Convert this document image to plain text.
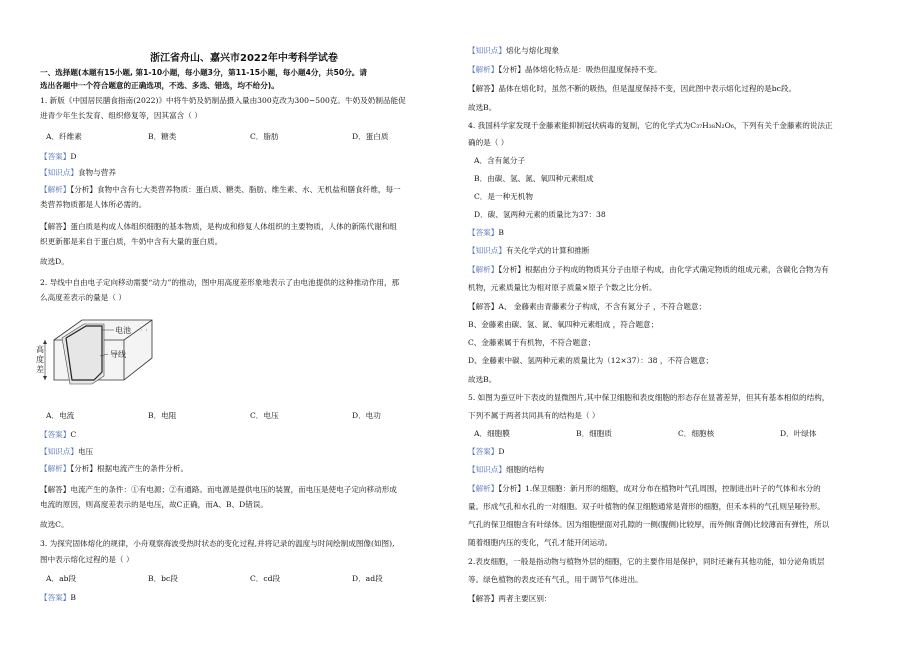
浙江省舟山、嘉兴市2022年中考科学试卷
一、选择题(本题有15小题, 第1-10小题，每小题3分，第11-15小题，每小题4分，共50分。请
选出各题中一个符合题意的正确选项，不选、多选、错选，均不给分)。
1. 新版《中国居民膳食指南(2022)》中将牛奶及奶制品摄入量由300克改为300~500克。牛奶及奶制品能促
进青少年生长发育、组织修复等，因其富含（ ）
A．纤维素	B．糖类	C．脂肪	D．蛋白质
【答案】D
【知识点】食物与营养
【解析】【分析】食物中含有七大类营养物质：蛋白质、糖类、脂肪、维生素、水、无机盐和膳食纤维，每一
类营养物质都是人体所必需的。
【解答】蛋白质是构成人体组织细胞的基本物质，是构成和修复人体组织的主要物质，人体的新陈代谢和组
织更新都是来自于蛋白质，牛奶中含有大量的蛋白质。
故选D。
2. 导线中自由电子定向移动需要“动力”的推动，图中用高度差形象地表示了由电池提供的这种推动作用，那
么高度差表示的量是（ ）
电池 · ·
导线
高
度
差
A．电流	B．电阻	C．电压	D．电功
【答案】C
【知识点】电压
【解析】【分析】根据电流产生的条件分析。
【解答】电流产生的条件：①有电源；②有通路。而电源是提供电压的装置，而电压是使电子定向移动形成
电流的原因，则高度差表示的是电压，故C正确，而A、B、D错误。
故选C。
3. 为探究固体熔化的规律，小舟观察海波受热时状态的变化过程,并将记录的温度与时间绘制成图像(如图),
图中表示熔化过程的是（ ）
A．ab段	B．bc段	C．cd段	D．ad段
【答案】B
【知识点】熔化与熔化现象
【解析】【分析】晶体熔化特点是：吸热但温度保持不变。
【解答】晶体在熔化时，虽然不断的吸热，但是温度保持不变，因此图中表示熔化过程的是bc段。
故选B。
4. 我国科学家发现千金藤素能抑制冠状病毒的复制，它的化学式为C₃₇H₃₈N₂O₆，下列有关千金藤素的说法正
确的是（ ）
A．含有氮分子
B．由碳、氢、氮、氧四种元素组成
C．是一种无机物
D．碳、氢两种元素的质量比为37：38
【答案】B
【知识点】有关化学式的计算和推断
【解析】【分析】根据由分子构成的物质其分子由原子构成，由化学式确定物质的组成元素，含碳化合物为有
机物，元素质量比为相对原子质量×原子个数之比分析。
【解答】A、 金藤素由青藤素分子构成，不含有氮分子 ，不符合题意；
B、金藤素由碳、氢、氮、氧四种元素组成 ，符合题意；
C、金藤素属于有机物，不符合题意；
D、金藤素中碳、氢两种元素的质量比为（12×37）：38 ，不符合题意；
故选B。
5. 如图为蚕豆叶下表皮的显微图片,其中保卫细胞和表皮细胞的形态存在显著差异，但其有基本相似的结构，
下列不属于两者共同具有的结构是（ ）
A．细胞膜	B．细胞质	C．细胞核	D．叶绿体
【答案】D
【知识点】细胞的结构
【解析】【分析】1.保卫细胞：新月形的细胞，成对分布在植物叶气孔周围，控制进出叶子的气体和水分的
量。形成气孔和水孔的一对细胞。双子叶植物的保卫细胞通常是肾形的细胞，但禾本科的气孔则呈哑铃形。
气孔的保卫细胞含有叶绿体。因为细胞壁面对孔隙的一侧(腹侧)比较厚，而外侧(背侧)比较薄而有弹性，所以
随着细胞内压的变化，气孔才能开闭运动。
2.表皮细胞，一般是指动物与植物外层的细胞，它的主要作用是保护，同时还兼有其他功能，如分泌角质层
等。绿色植物的表皮还有气孔，用于调节气体进出。
【解答】两者主要区别：
